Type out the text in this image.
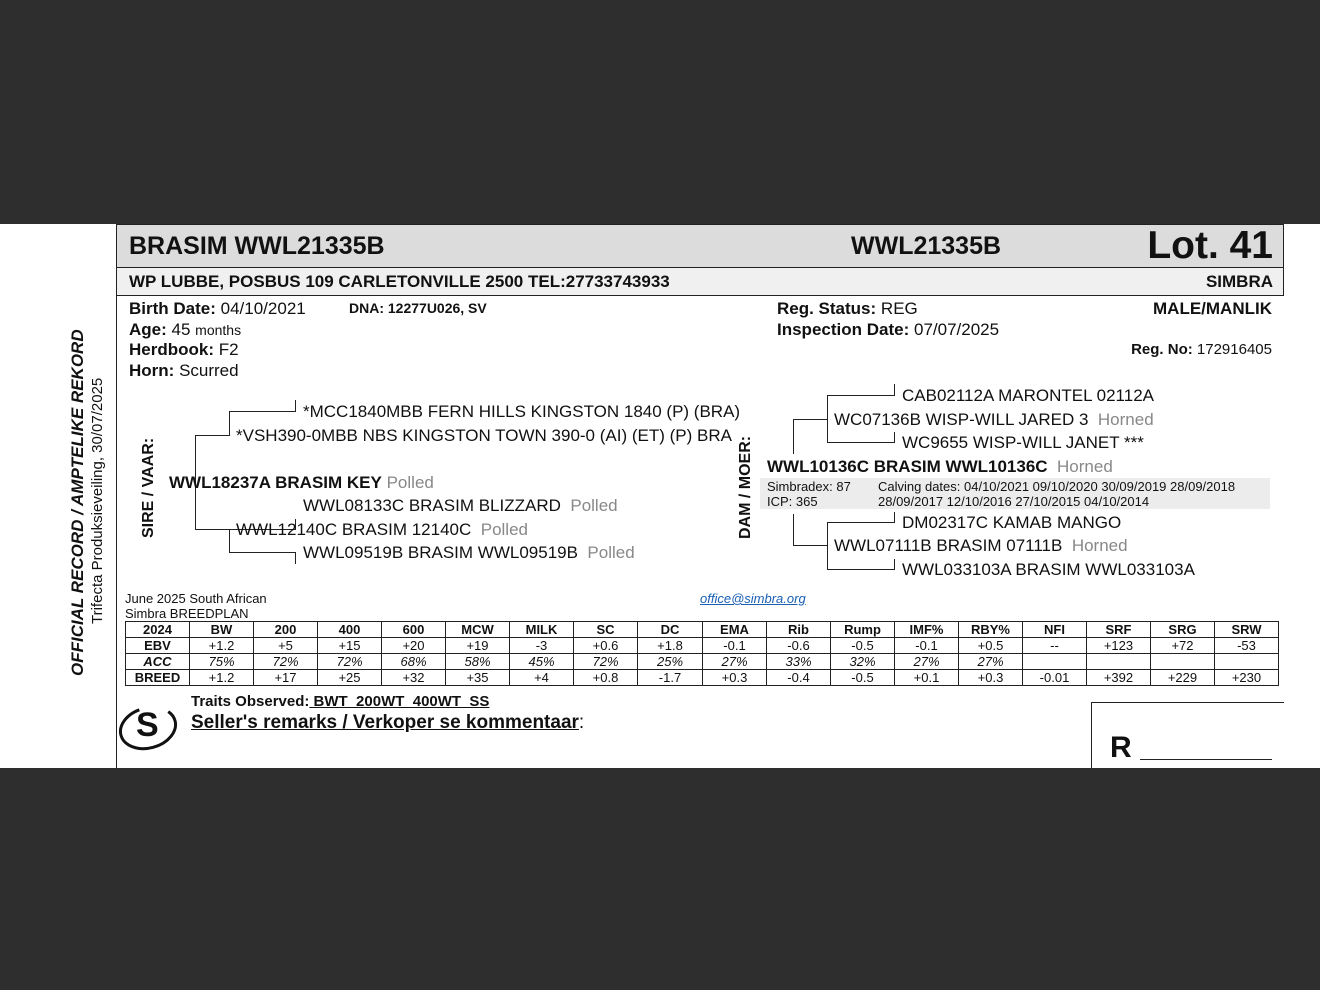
OFFICIAL RECORD / AMPTELIKE REKORD Trifecta Produksieveiling, 30/07/2025
BRASIM WWL21335B	WWL21335B	Lot. 41
WP LUBBE, POSBUS 109 CARLETONVILLE 2500 TEL:27733743933	SIMBRA
Birth Date: 04/10/2021	DNA: 12277U026, SV
Age: 45 months
Herdbook: F2
Horn: Scurred
Reg. Status: REG
Inspection Date: 07/07/2025
MALE/MANLIK
Reg. No: 172916405
SIRE / VAAR:
*MCC1840MBB FERN HILLS KINGSTON 1840 (P) (BRA)
*VSH390-0MBB NBS KINGSTON TOWN 390-0 (AI) (ET) (P) BRA
WWL18237A BRASIM KEY Polled
WWL08133C BRASIM BLIZZARD Polled
WWL12140C BRASIM 12140C Polled
WWL09519B BRASIM WWL09519B Polled
DAM / MOER:
CAB02112A MARONTEL 02112A
WC07136B WISP-WILL JARED 3 Horned
WC9655 WISP-WILL JANET ***
WWL10136C BRASIM WWL10136C Horned
Simbradex: 87
ICP: 365
Calving dates: 04/10/2021 09/10/2020 30/09/2019 28/09/2018
28/09/2017 12/10/2016 27/10/2015 04/10/2014
DM02317C KAMAB MANGO
WWL07111B BRASIM 07111B Horned
WWL033103A BRASIM WWL033103A
June 2025 South African
Simbra BREEDPLAN
office@simbra.org
2024	BW	200	400	600	MCW	MILK	SC	DC	EMA	Rib	Rump	IMF%	RBY%	NFI	SRF	SRG	SRW
EBV	+1.2	+5	+15	+20	+19	-3	+0.6	+1.8	-0.1	-0.6	-0.5	-0.1	+0.5	--	+123	+72	-53
ACC	75%	72%	72%	68%	58%	45%	72%	25%	27%	33%	32%	27%	27%				
BREED	+1.2	+17	+25	+32	+35	+4	+0.8	-1.7	+0.3	-0.4	-0.5	+0.1	+0.3	-0.01	+392	+229	+230
S
Traits Observed: BWT  200WT  400WT  SS
Seller's remarks / Verkoper se kommentaar:
R
